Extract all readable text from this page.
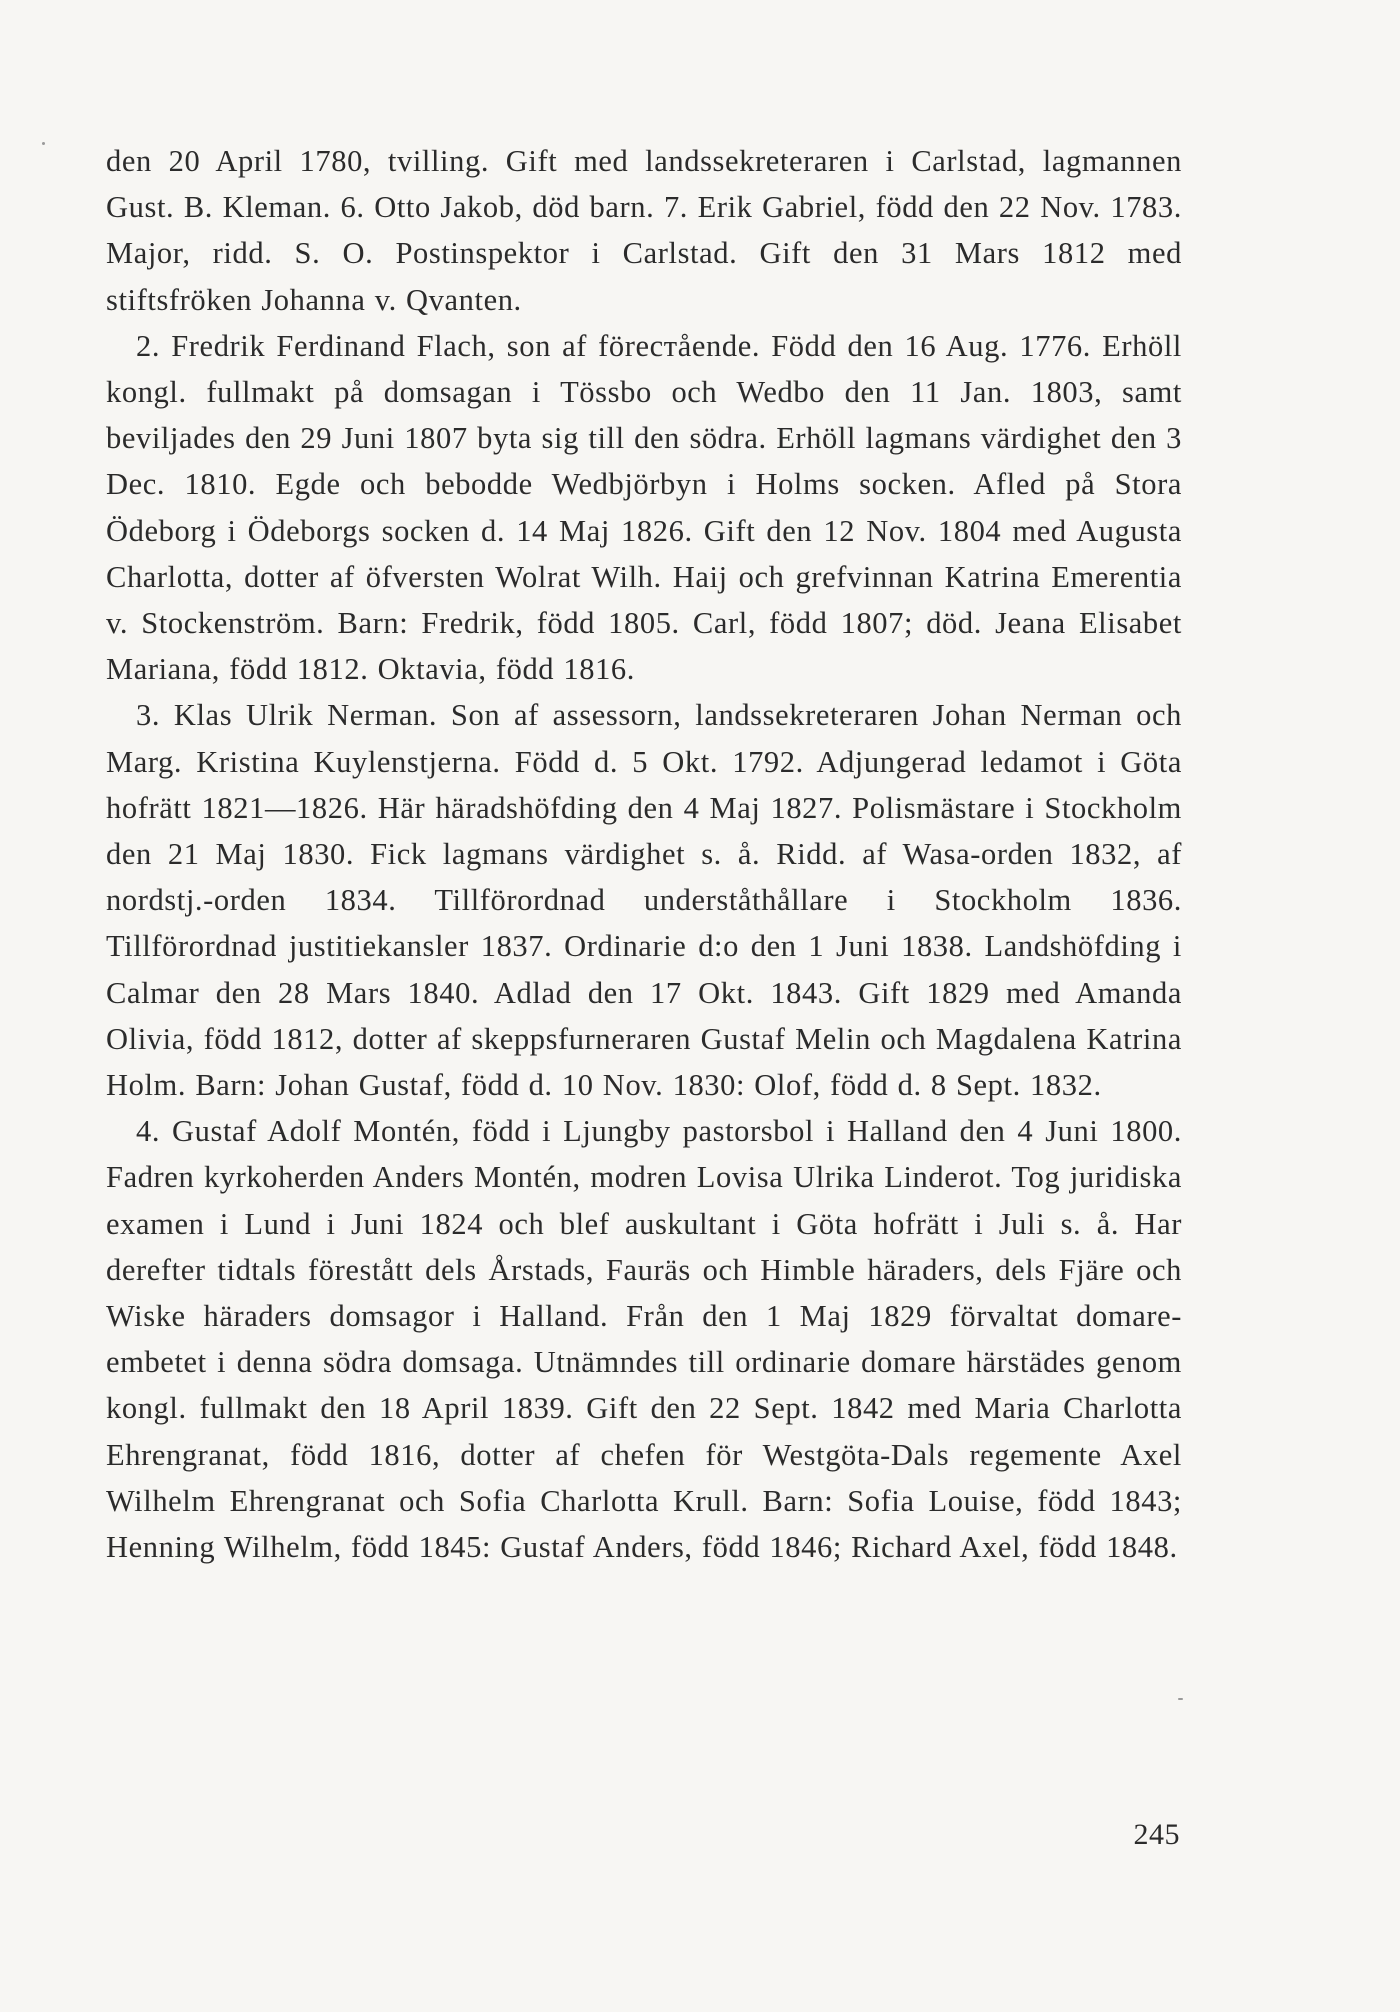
den 20 April 1780, tvilling. Gift med landssekreteraren i Carlstad, lagmannen Gust. B. Kleman. 6. Otto Jakob, död barn. 7. Erik Gabriel, född den 22 Nov. 1783. Major, ridd. S. O. Postinspektor i Carlstad. Gift den 31 Mars 1812 med stiftsfröken Johanna v. Qvanten.

2. Fredrik Ferdinand Flach, son af föreстående. Född den 16 Aug. 1776. Erhöll kongl. fullmakt på domsagan i Tössbo och Wedbo den 11 Jan. 1803, samt beviljades den 29 Juni 1807 byta sig till den södra. Erhöll lagmans värdighet den 3 Dec. 1810. Egde och bebodde Wedbjörbyn i Holms socken. Afled på Stora Ödeborg i Ödeborgs socken d. 14 Maj 1826. Gift den 12 Nov. 1804 med Augusta Charlotta, dotter af öfversten Wolrat Wilh. Haij och grefvinnan Katrina Emerentia v. Stockenström. Barn: Fredrik, född 1805. Carl, född 1807; död. Jeana Elisabet Mariana, född 1812. Oktavia, född 1816.

3. Klas Ulrik Nerman. Son af assessorn, landssekreteraren Johan Nerman och Marg. Kristina Kuylenstjerna. Född d. 5 Okt. 1792. Adjungerad ledamot i Göta hofrätt 1821—1826. Här häradshöfding den 4 Maj 1827. Polismästare i Stockholm den 21 Maj 1830. Fick lagmans värdighet s. å. Ridd. af Wasa-orden 1832, af nordstj.-orden 1834. Tillförordnad underståthållare i Stockholm 1836. Tillförordnad justitiekansler 1837. Ordinarie d:o den 1 Juni 1838. Landshöfding i Calmar den 28 Mars 1840. Adlad den 17 Okt. 1843. Gift 1829 med Amanda Olivia, född 1812, dotter af skeppsfurneraren Gustaf Melin och Magdalena Katrina Holm. Barn: Johan Gustaf, född d. 10 Nov. 1830: Olof, född d. 8 Sept. 1832.

4. Gustaf Adolf Montén, född i Ljungby pastorsbol i Halland den 4 Juni 1800. Fadren kyrkoherden Anders Montén, modren Lovisa Ulrika Linderot. Tog juridiska examen i Lund i Juni 1824 och blef auskultant i Göta hofrätt i Juli s. å. Har derefter tidtals förestått dels Årstads, Fauräs och Himble häraders, dels Fjäre och Wiske häraders domsagor i Halland. Från den 1 Maj 1829 förvaltat domare-embetet i denna södra domsaga. Utnämndes till ordinarie domare härstädes genom kongl. fullmakt den 18 April 1839. Gift den 22 Sept. 1842 med Maria Charlotta Ehrengranat, född 1816, dotter af chefen för Westgöta-Dals regemente Axel Wilhelm Ehrengranat och Sofia Charlotta Krull. Barn: Sofia Louise, född 1843; Henning Wilhelm, född 1845: Gustaf Anders, född 1846; Richard Axel, född 1848.

245
